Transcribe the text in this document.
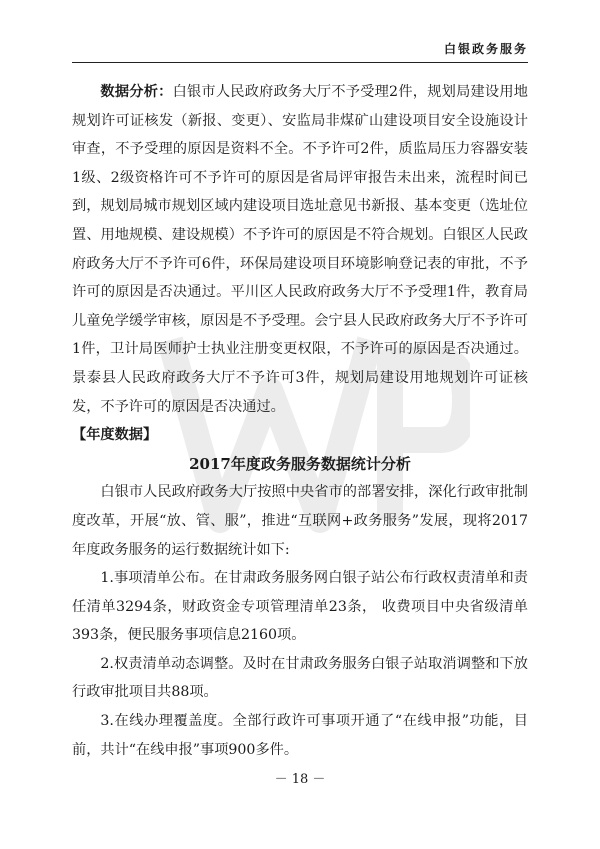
白银政务服务

数据分析：白银市人民政府政务大厅不予受理2件，规划局建设用地规划许可证核发（新报、变更）、安监局非煤矿山建设项目安全设施设计审查，不予受理的原因是资料不全。不予许可2件，质监局压力容器安装1级、2级资格许可不予许可的原因是省局评审报告未出来，流程时间已到，规划局城市规划区域内建设项目选址意见书新报、基本变更（选址位置、用地规模、建设规模）不予许可的原因是不符合规划。白银区人民政府政务大厅不予许可6件，环保局建设项目环境影响登记表的审批，不予许可的原因是否决通过。平川区人民政府政务大厅不予受理1件，教育局儿童免学缓学审核，原因是不予受理。会宁县人民政府政务大厅不予许可1件，卫计局医师护士执业注册变更权限，不予许可的原因是否决通过。景泰县人民政府政务大厅不予许可3件，规划局建设用地规划许可证核发，不予许可的原因是否决通过。

【年度数据】

2017年度政务服务数据统计分析

白银市人民政府政务大厅按照中央省市的部署安排，深化行政审批制度改革，开展“放、管、服”，推进“互联网+政务服务”发展，现将2017年度政务服务的运行数据统计如下:

1.事项清单公布。在甘肃政务服务网白银子站公布行政权责清单和责任清单3294条，财政资金专项管理清单23条， 收费项目中央省级清单393条，便民服务事项信息2160项。

2.权责清单动态调整。及时在甘肃政务服务白银子站取消调整和下放行政审批项目共88项。

3.在线办理覆盖度。全部行政许可事项开通了“在线申报”功能，目前，共计“在线申报”事项900多件。

－ 18 －
